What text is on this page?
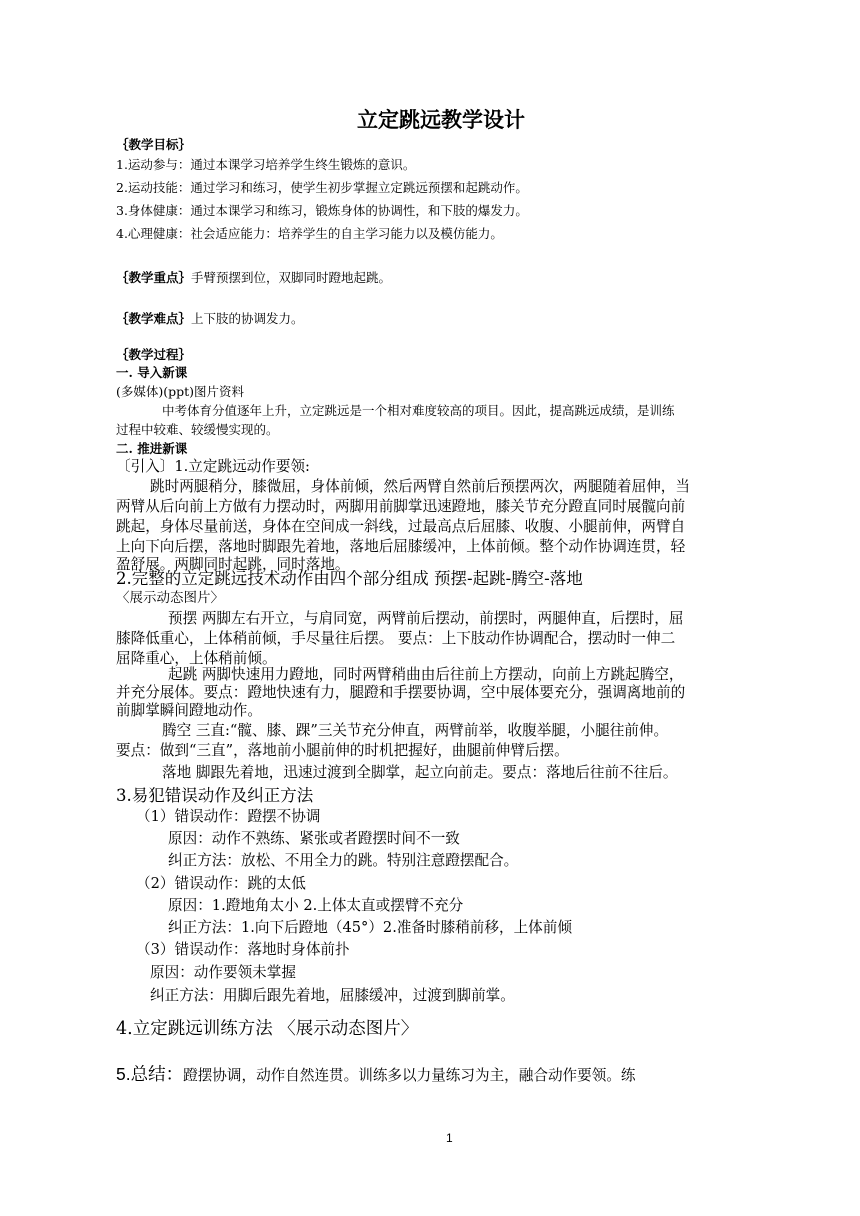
立定跳远教学设计
｛教学目标｝
1.运动参与：通过本课学习培养学生终生锻炼的意识。
2.运动技能：通过学习和练习，使学生初步掌握立定跳远预摆和起跳动作。
3.身体健康：通过本课学习和练习，锻炼身体的协调性，和下肢的爆发力。
4.心理健康：社会适应能力：培养学生的自主学习能力以及模仿能力。
｛教学重点｝手臂预摆到位，双脚同时蹬地起跳。
｛教学难点｝上下肢的协调发力。
｛教学过程｝
一. 导入新课
(多媒体)(ppt)图片资料
中考体育分值逐年上升，立定跳远是一个相对难度较高的项目。因此，提高跳远成绩，是训练
过程中较难、较缓慢实现的。
二. 推进新课
〔引入〕1.立定跳远动作要领:
跳时两腿稍分，膝微屈，身体前倾，然后两臂自然前后预摆两次，两腿随着屈伸，当
两臂从后向前上方做有力摆动时，两脚用前脚掌迅速蹬地，膝关节充分蹬直同时展髋向前
跳起，身体尽量前送，身体在空间成一斜线，过最高点后屈膝、收腹、小腿前伸，两臂自
上向下向后摆，落地时脚跟先着地，落地后屈膝缓冲，上体前倾。整个动作协调连贯，轻
盈舒展。两脚同时起跳，同时落地。
2.完整的立定跳远技术动作由四个部分组成 预摆-起跳-腾空-落地
〈展示动态图片〉
预摆 两脚左右开立，与肩同宽，两臂前后摆动，前摆时，两腿伸直，后摆时，屈
膝降低重心，上体稍前倾，手尽量往后摆。 要点：上下肢动作协调配合，摆动时一伸二
屈降重心，上体稍前倾。
起跳 两脚快速用力蹬地，同时两臂稍曲由后往前上方摆动，向前上方跳起腾空，
并充分展体。要点：蹬地快速有力，腿蹬和手摆要协调，空中展体要充分，强调离地前的
前脚掌瞬间蹬地动作。
腾空 三直:“髋、膝、踝”三关节充分伸直，两臂前举，收腹举腿，小腿往前伸。
要点：做到“三直”，落地前小腿前伸的时机把握好，曲腿前伸臂后摆。
落地 脚跟先着地，迅速过渡到全脚掌，起立向前走。要点：落地后往前不往后。
3.易犯错误动作及纠正方法
（1）错误动作：蹬摆不协调
原因：动作不熟练、紧张或者蹬摆时间不一致
纠正方法：放松、不用全力的跳。特别注意蹬摆配合。
（2）错误动作：跳的太低
原因：1.蹬地角太小 2.上体太直或摆臂不充分
纠正方法：1.向下后蹬地（45°）2.准备时膝稍前移，上体前倾
（3）错误动作：落地时身体前扑
原因：动作要领未掌握
纠正方法：用脚后跟先着地，屈膝缓冲，过渡到脚前掌。
4.立定跳远训练方法 〈展示动态图片〉
5.总结：蹬摆协调，动作自然连贯。训练多以力量练习为主，融合动作要领。练
1
